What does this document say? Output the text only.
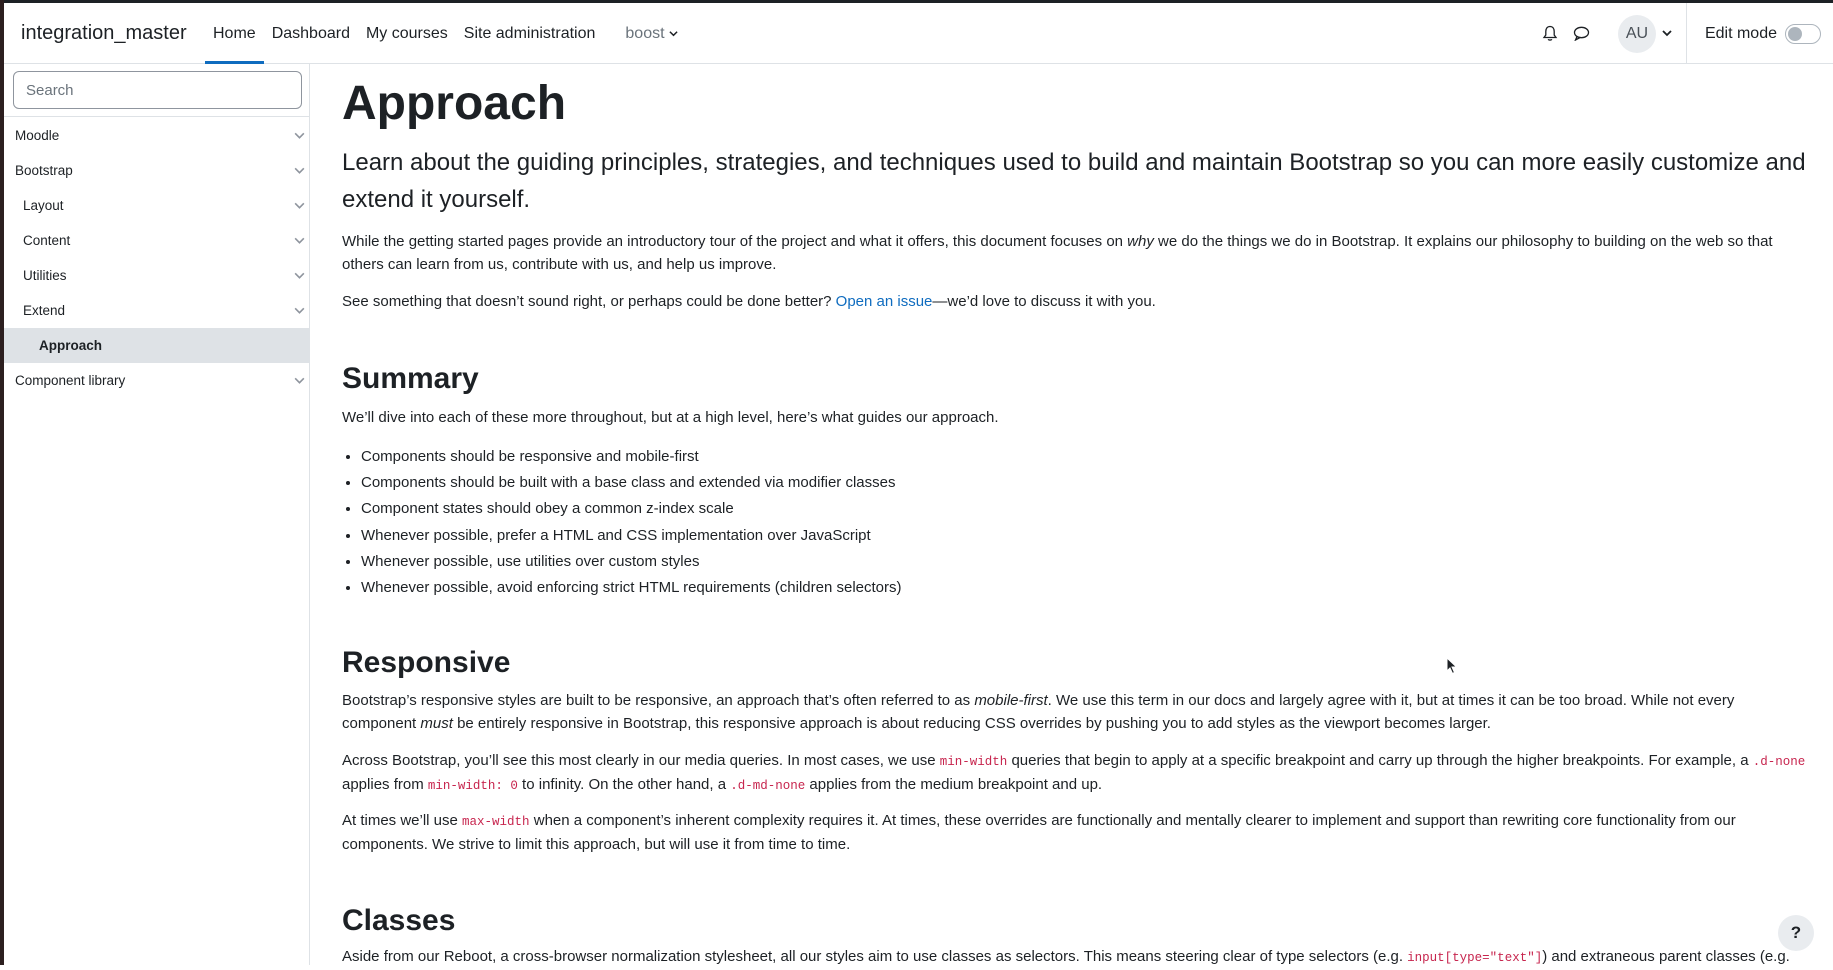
integration_master	Home	Dashboard	My courses	Site administration	boost	AU	Edit mode
Search
Moodle
Bootstrap
Layout
Content
Utilities
Extend
Approach
Component library
Approach

Learn about the guiding principles, strategies, and techniques used to build and maintain Bootstrap so you can more easily customize and extend it yourself.

While the getting started pages provide an introductory tour of the project and what it offers, this document focuses on why we do the things we do in Bootstrap. It explains our philosophy to building on the web so that others can learn from us, contribute with us, and help us improve.

See something that doesn’t sound right, or perhaps could be done better? Open an issue—we’d love to discuss it with you.

Summary

We’ll dive into each of these more throughout, but at a high level, here’s what guides our approach.

• Components should be responsive and mobile-first
• Components should be built with a base class and extended via modifier classes
• Component states should obey a common z-index scale
• Whenever possible, prefer a HTML and CSS implementation over JavaScript
• Whenever possible, use utilities over custom styles
• Whenever possible, avoid enforcing strict HTML requirements (children selectors)
Responsive

Bootstrap’s responsive styles are built to be responsive, an approach that’s often referred to as mobile-first. We use this term in our docs and largely agree with it, but at times it can be too broad. While not every component must be entirely responsive in Bootstrap, this responsive approach is about reducing CSS overrides by pushing you to add styles as the viewport becomes larger.

Across Bootstrap, you’ll see this most clearly in our media queries. In most cases, we use min-width queries that begin to apply at a specific breakpoint and carry up through the higher breakpoints. For example, a .d-none applies from min-width: 0 to infinity. On the other hand, a .d-md-none applies from the medium breakpoint and up.

At times we’ll use max-width when a component’s inherent complexity requires it. At times, these overrides are functionally and mentally clearer to implement and support than rewriting core functionality from our components. We strive to limit this approach, but will use it from time to time.

Classes

Aside from our Reboot, a cross-browser normalization stylesheet, all our styles aim to use classes as selectors. This means steering clear of type selectors (e.g. input[type="text"]) and extraneous parent classes (e.g.

?
